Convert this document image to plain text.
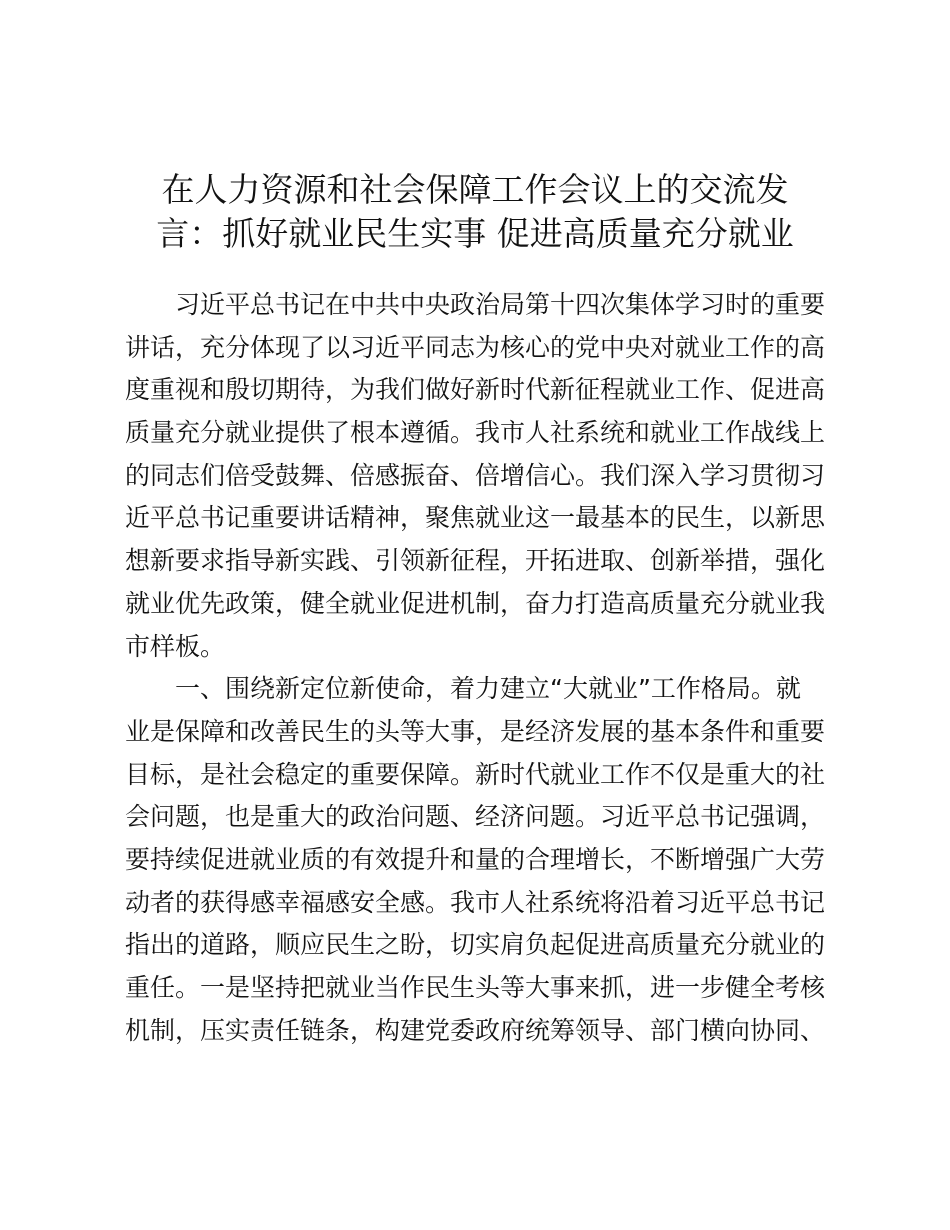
在人力资源和社会保障工作会议上的交流发
言：抓好就业民生实事 促进高质量充分就业
习近平总书记在中共中央政治局第十四次集体学习时的重要
讲话，充分体现了以习近平同志为核心的党中央对就业工作的高
度重视和殷切期待，为我们做好新时代新征程就业工作、促进高
质量充分就业提供了根本遵循。我市人社系统和就业工作战线上
的同志们倍受鼓舞、倍感振奋、倍增信心。我们深入学习贯彻习
近平总书记重要讲话精神，聚焦就业这一最基本的民生，以新思
想新要求指导新实践、引领新征程，开拓进取、创新举措，强化
就业优先政策，健全就业促进机制，奋力打造高质量充分就业我
市样板。
一、围绕新定位新使命，着力建立“大就业”工作格局。就
业是保障和改善民生的头等大事，是经济发展的基本条件和重要
目标，是社会稳定的重要保障。新时代就业工作不仅是重大的社
会问题，也是重大的政治问题、经济问题。习近平总书记强调，
要持续促进就业质的有效提升和量的合理增长，不断增强广大劳
动者的获得感幸福感安全感。我市人社系统将沿着习近平总书记
指出的道路，顺应民生之盼，切实肩负起促进高质量充分就业的
重任。一是坚持把就业当作民生头等大事来抓，进一步健全考核
机制，压实责任链条，构建党委政府统筹领导、部门横向协同、
